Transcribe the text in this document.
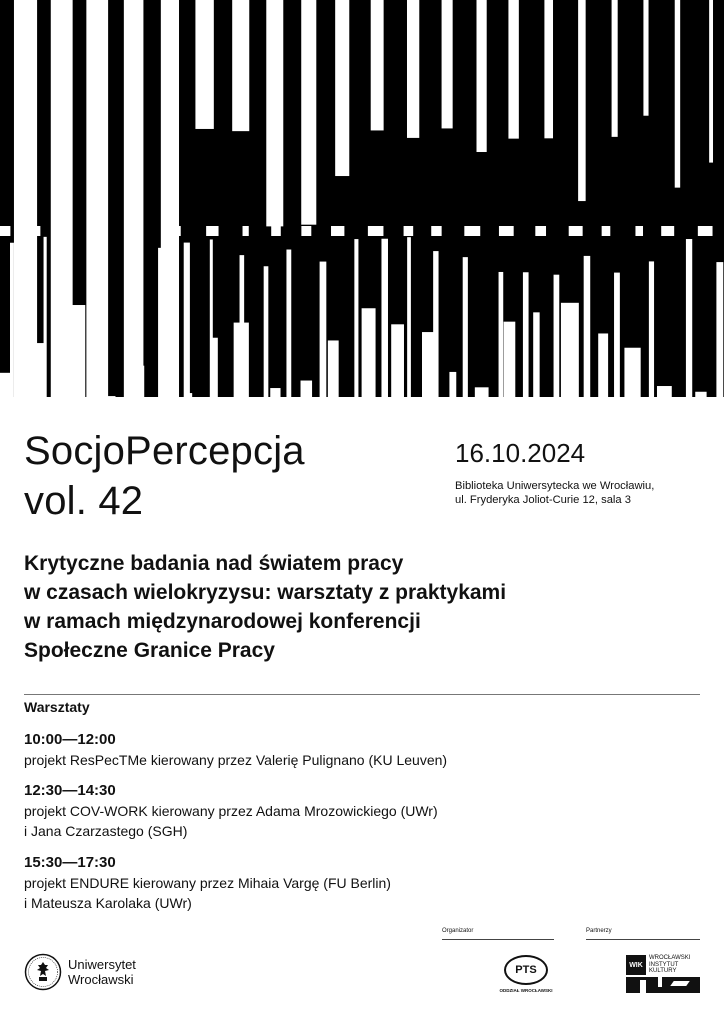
SocjoPercepcja
vol. 42
16.10.2024
Biblioteka Uniwersytecka we Wrocławiu,
ul. Fryderyka Joliot-Curie 12, sala 3
Krytyczne badania nad światem pracy
w czasach wielokryzysu: warsztaty z praktykami
w ramach międzynarodowej konferencji
Społeczne Granice Pracy
Warsztaty
10:00—12:00
projekt ResPecTMe kierowany przez Valerię Pulignano (KU Leuven)
12:30—14:30
projekt COV-WORK kierowany przez Adama Mrozowickiego (UWr)
i Jana Czarzastego (SGH)
15:30—17:30
projekt ENDURE kierowany przez Mihaia Vargę (FU Berlin)
i Mateusza Karolaka (UWr)
Organizator	Partnerzy
Uniwersytet
Wrocławski
PTS
ODDZIAŁ WROCŁAWSKI
WIK
WROCŁAWSKI
INSTYTUT
KULTURY
